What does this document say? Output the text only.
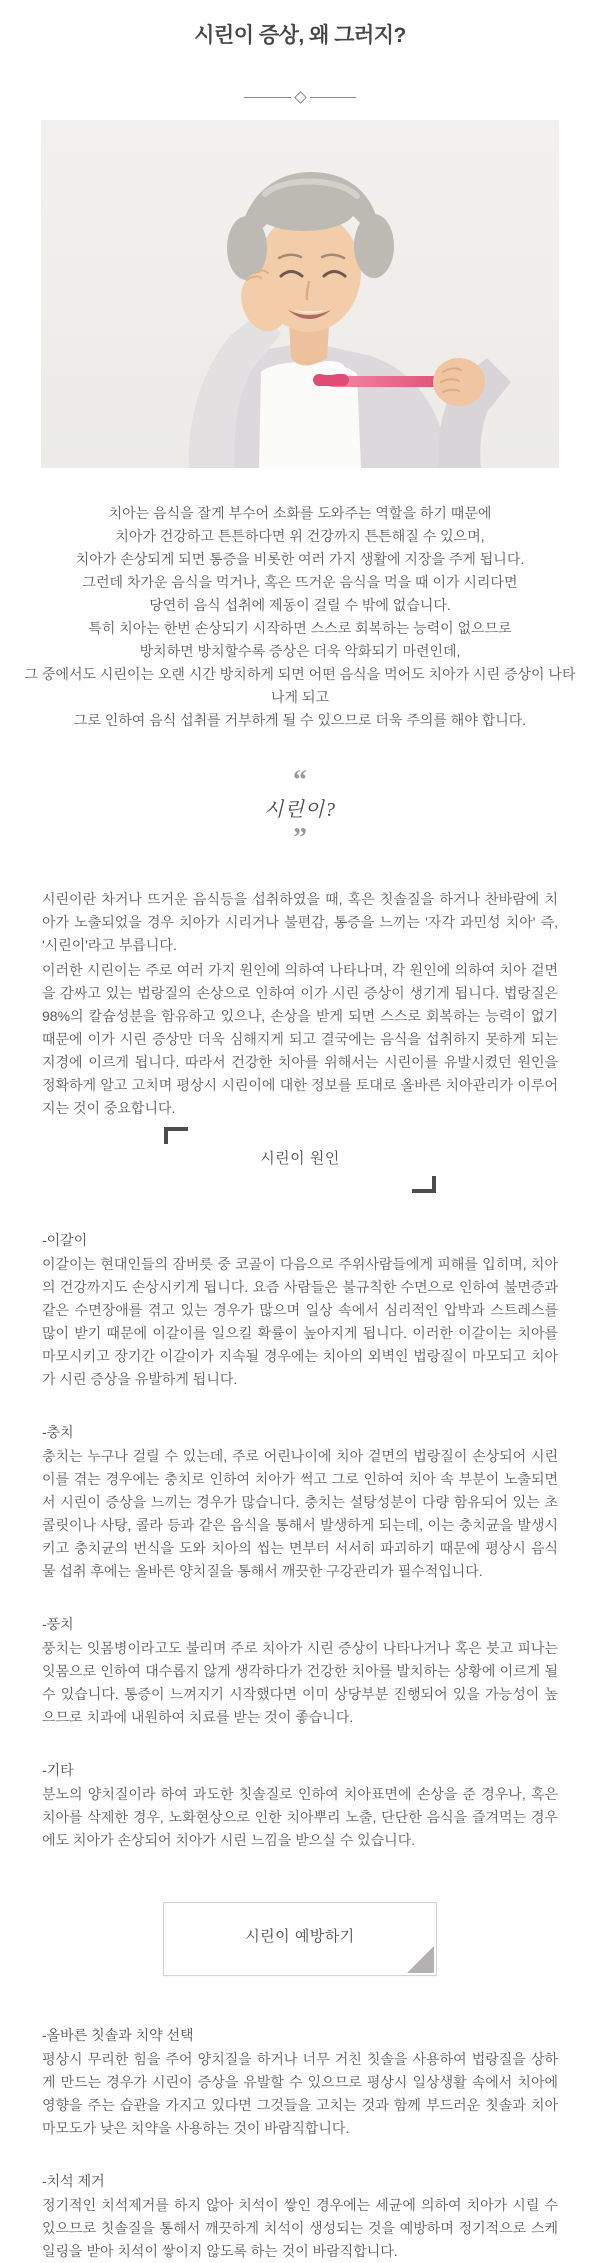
시린이 증상, 왜 그러지?
치아는 음식을 잘게 부수어 소화를 도와주는 역할을 하기 때문에
치아가 건강하고 튼튼하다면 위 건강까지 튼튼해질 수 있으며,
치아가 손상되게 되면 통증을 비롯한 여러 가지 생활에 지장을 주게 됩니다.
그런데 차가운 음식을 먹거나, 혹은 뜨거운 음식을 먹을 때 이가 시리다면
당연히 음식 섭취에 제동이 걸릴 수 밖에 없습니다.
특히 치아는 한번 손상되기 시작하면 스스로 회복하는 능력이 없으므로
방치하면 방치할수록 증상은 더욱 악화되기 마련인데,
그 중에서도 시린이는 오랜 시간 방치하게 되면 어떤 음식을 먹어도 치아가 시린 증상이 나타나게 되고
그로 인하여 음식 섭취를 거부하게 될 수 있으므로 더욱 주의를 해야 합니다.
“
시린이?
”

시린이란 차거나 뜨거운 음식등을 섭취하였을 때, 혹은 칫솔질을 하거나 찬바람에 치아가 노출되었을 경우 치아가 시리거나 불편감, 통증을 느끼는 '자각 과민성 치아' 즉, '시린이'라고 부릅니다.

이러한 시린이는 주로 여러 가지 원인에 의하여 나타나며, 각 원인에 의하여 치아 겉면을 감싸고 있는 법랑질의 손상으로 인하여 이가 시린 증상이 생기게 됩니다. 법랑질은 98%의 칼슘성분을 함유하고 있으나, 손상을 받게 되면 스스로 회복하는 능력이 없기 때문에 이가 시린 증상만 더욱 심해지게 되고 결국에는 음식을 섭취하지 못하게 되는 지경에 이르게 됩니다. 따라서 건강한 치아를 위해서는 시린이를 유발시켰던 원인을 정확하게 알고 고치며 평상시 시린이에 대한 정보를 토대로 올바른 치아관리가 이루어지는 것이 중요합니다.

시린이 원인
-이갈이

이갈이는 현대인들의 잠버릇 중 코골이 다음으로 주위사람들에게 피해를 입히며, 치아의 건강까지도 손상시키게 됩니다. 요즘 사람들은 불규칙한 수면으로 인하여 불면증과 같은 수면장애를 겪고 있는 경우가 많으며 일상 속에서 심리적인 압박과 스트레스를 많이 받기 때문에 이갈이를 일으킬 확률이 높아지게 됩니다. 이러한 이갈이는 치아를 마모시키고 장기간 이갈이가 지속될 경우에는 치아의 외벽인 법랑질이 마모되고 치아가 시린 증상을 유발하게 됩니다.

-충치

충치는 누구나 걸릴 수 있는데, 주로 어린나이에 치아 겉면의 법랑질이 손상되어 시린이를 겪는 경우에는 충치로 인하여 치아가 썩고 그로 인하여 치아 속 부분이 노출되면서 시린이 증상을 느끼는 경우가 많습니다. 충치는 설탕성분이 다량 함유되어 있는 초콜릿이나 사탕, 콜라 등과 같은 음식을 통해서 발생하게 되는데, 이는 충치균을 발생시키고 충치균의 번식을 도와 치아의 씹는 면부터 서서히 파괴하기 때문에 평상시 음식물 섭취 후에는 올바른 양치질을 통해서 깨끗한 구강관리가 필수적입니다.

-풍치

풍치는 잇몸병이라고도 불리며 주로 치아가 시린 증상이 나타나거나 혹은 붓고 피나는 잇몸으로 인하여 대수롭지 않게 생각하다가 건강한 치아를 발치하는 상황에 이르게 될 수 있습니다. 통증이 느껴지기 시작했다면 이미 상당부분 진행되어 있을 가능성이 높으므로 치과에 내원하여 치료를 받는 것이 좋습니다.

-기타

분노의 양치질이라 하여 과도한 칫솔질로 인하여 치아표면에 손상을 준 경우나, 혹은 치아를 삭제한 경우, 노화현상으로 인한 치아뿌리 노출, 단단한 음식을 즐겨먹는 경우에도 치아가 손상되어 치아가 시린 느낌을 받으실 수 있습니다.

시린이 예방하기
-올바른 칫솔과 치약 선택

평상시 무리한 힘을 주어 양치질을 하거나 너무 거친 칫솔을 사용하여 법랑질을 상하게 만드는 경우가 시린이 증상을 유발할 수 있으므로 평상시 일상생활 속에서 치아에 영향을 주는 습관을 가지고 있다면 그것들을 고치는 것과 함께 부드러운 칫솔과 치아 마모도가 낮은 치약을 사용하는 것이 바람직합니다.

-치석 제거

정기적인 치석제거를 하지 않아 치석이 쌓인 경우에는 세균에 의하여 치아가 시릴 수 있으므로 칫솔질을 통해서 깨끗하게 치석이 생성되는 것을 예방하며 정기적으로 스케일링을 받아 치석이 쌓이지 않도록 하는 것이 바람직합니다.
